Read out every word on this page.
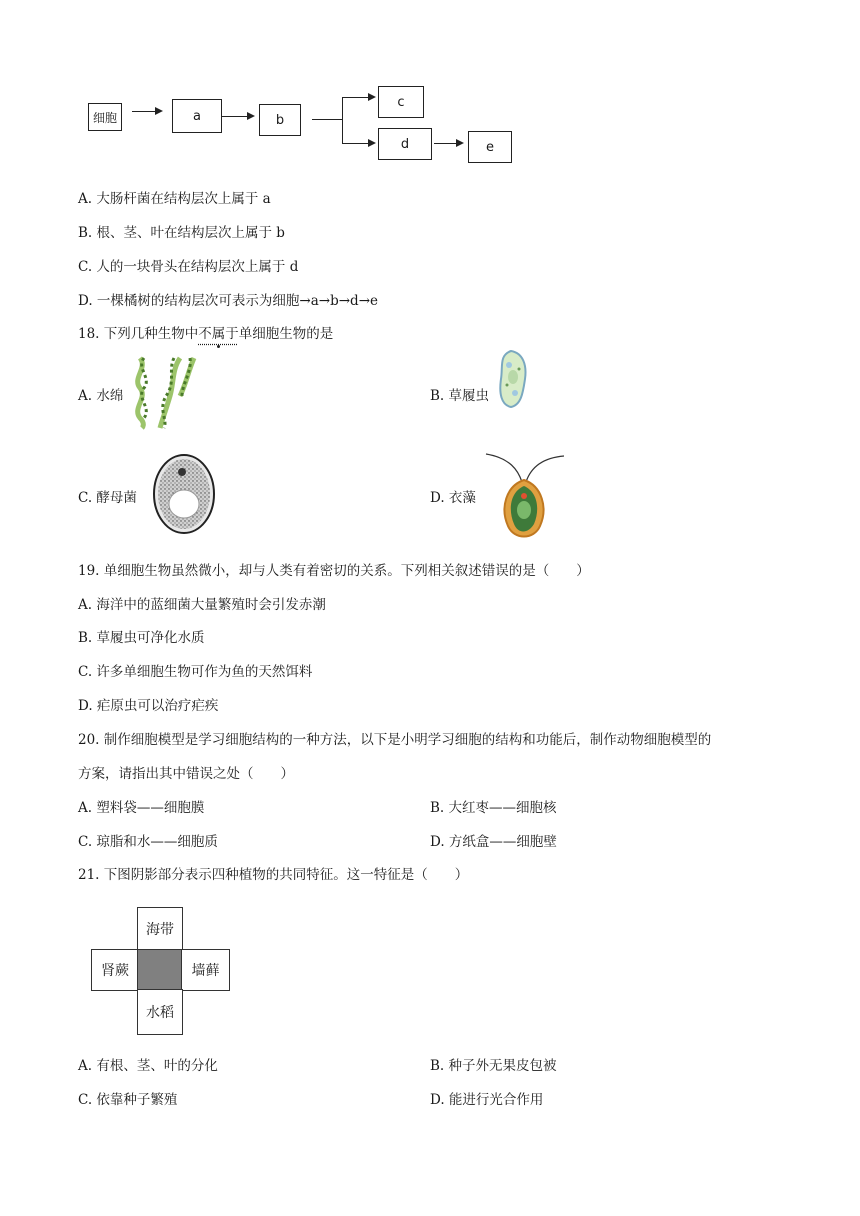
细胞	a	b
c
d	e
A. 大肠杆菌在结构层次上属于 a
B. 根、茎、叶在结构层次上属于 b
C. 人的一块骨头在结构层次上属于 d
D. 一棵橘树的结构层次可表示为细胞→a→b→d→e
18. 下列几种生物中不属于单细胞生物的是
A. 水绵	B. 草履虫
C. 酵母菌	D. 衣藻
19. 单细胞生物虽然微小，却与人类有着密切的关系。下列相关叙述错误的是（　　）
A. 海洋中的蓝细菌大量繁殖时会引发赤潮
B. 草履虫可净化水质
C. 许多单细胞生物可作为鱼的天然饵料
D. 疟原虫可以治疗疟疾
20. 制作细胞模型是学习细胞结构的一种方法，以下是小明学习细胞的结构和功能后，制作动物细胞模型的
方案，请指出其中错误之处（　　）
A. 塑料袋——细胞膜	B. 大红枣——细胞核
C. 琼脂和水——细胞质	D. 方纸盒——细胞壁
21. 下图阴影部分表示四种植物的共同特征。这一特征是（　　）
海带
肾蕨	墙藓
水稻
A. 有根、茎、叶的分化	B. 种子外无果皮包被
C. 依靠种子繁殖	D. 能进行光合作用
